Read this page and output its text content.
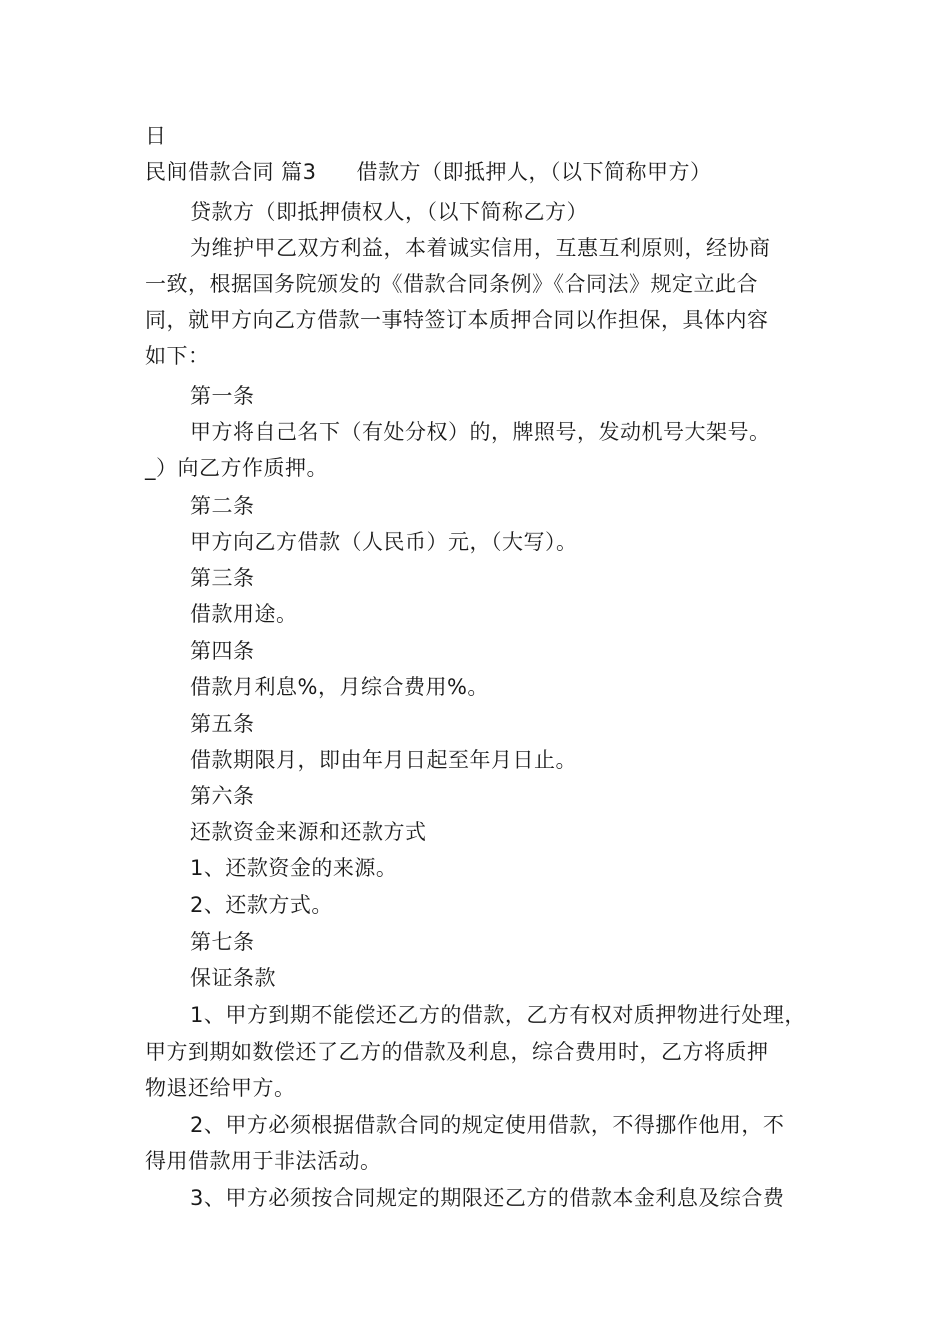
日
民间借款合同 篇3 借款方（即抵押人，（以下简称甲方）
贷款方（即抵押债权人，（以下简称乙方）
为维护甲乙双方利益，本着诚实信用，互惠互利原则，经协商
一致，根据国务院颁发的《借款合同条例》《合同法》规定立此合
同，就甲方向乙方借款一事特签订本质押合同以作担保，具体内容
如下：
第一条
甲方将自己名下（有处分权）的，牌照号，发动机号大架号。
_）向乙方作质押。
第二条
甲方向乙方借款（人民币）元，（大写）。
第三条
借款用途。
第四条
借款月利息%，月综合费用%。
第五条
借款期限月，即由年月日起至年月日止。
第六条
还款资金来源和还款方式
1、还款资金的来源。
2、还款方式。
第七条
保证条款
1、甲方到期不能偿还乙方的借款，乙方有权对质押物进行处理，
甲方到期如数偿还了乙方的借款及利息，综合费用时，乙方将质押
物退还给甲方。
2、甲方必须根据借款合同的规定使用借款，不得挪作他用，不
得用借款用于非法活动。
3、甲方必须按合同规定的期限还乙方的借款本金利息及综合费
